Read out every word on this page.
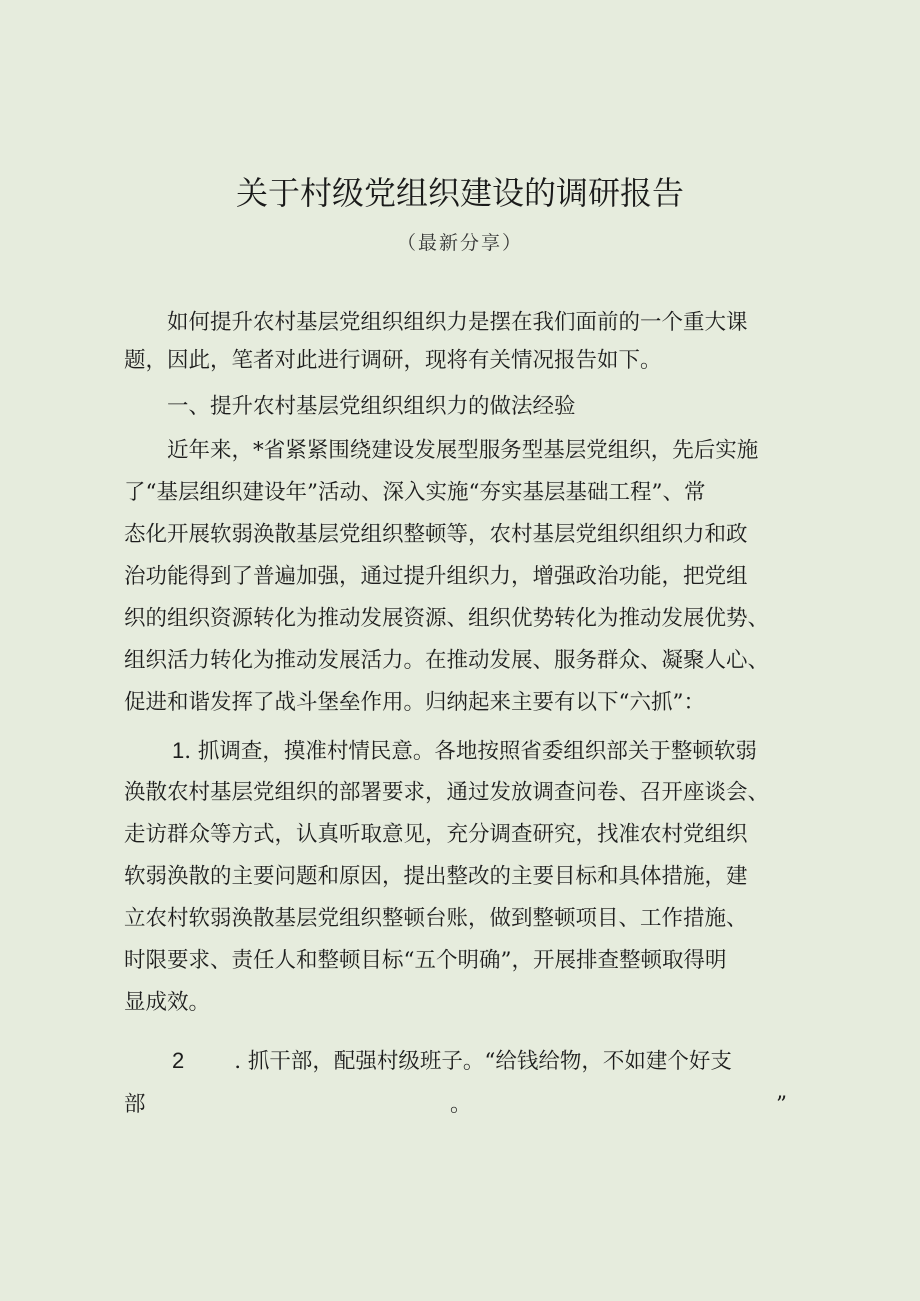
关于村级党组织建设的调研报告
（最新分享）
　　如何提升农村基层党组织组织力是摆在我们面前的一个重大课
题，因此，笔者对此进行调研，现将有关情况报告如下。
　　一、提升农村基层党组织组织力的做法经验
　　近年来，*省紧紧围绕建设发展型服务型基层党组织，先后实施
了“基层组织建设年”活动、深入实施“夯实基层基础工程”、常
态化开展软弱涣散基层党组织整顿等，农村基层党组织组织力和政
治功能得到了普遍加强，通过提升组织力，增强政治功能，把党组
织的组织资源转化为推动发展资源、组织优势转化为推动发展优势、
组织活力转化为推动发展活力。在推动发展、服务群众、凝聚人心、
促进和谐发挥了战斗堡垒作用。归纳起来主要有以下“六抓”：
1. 抓调查，摸准村情民意。各地按照省委组织部关于整顿软弱
涣散农村基层党组织的部署要求，通过发放调查问卷、召开座谈会、
走访群众等方式，认真听取意见，充分调查研究，找准农村党组织
软弱涣散的主要问题和原因，提出整改的主要目标和具体措施，建
立农村软弱涣散基层党组织整顿台账，做到整顿项目、工作措施、
时限要求、责任人和整顿目标“五个明确”，开展排查整顿取得明
显成效。
2 . 抓干部，配强村级班子。“给钱给物，不如建个好支
部	。	”
